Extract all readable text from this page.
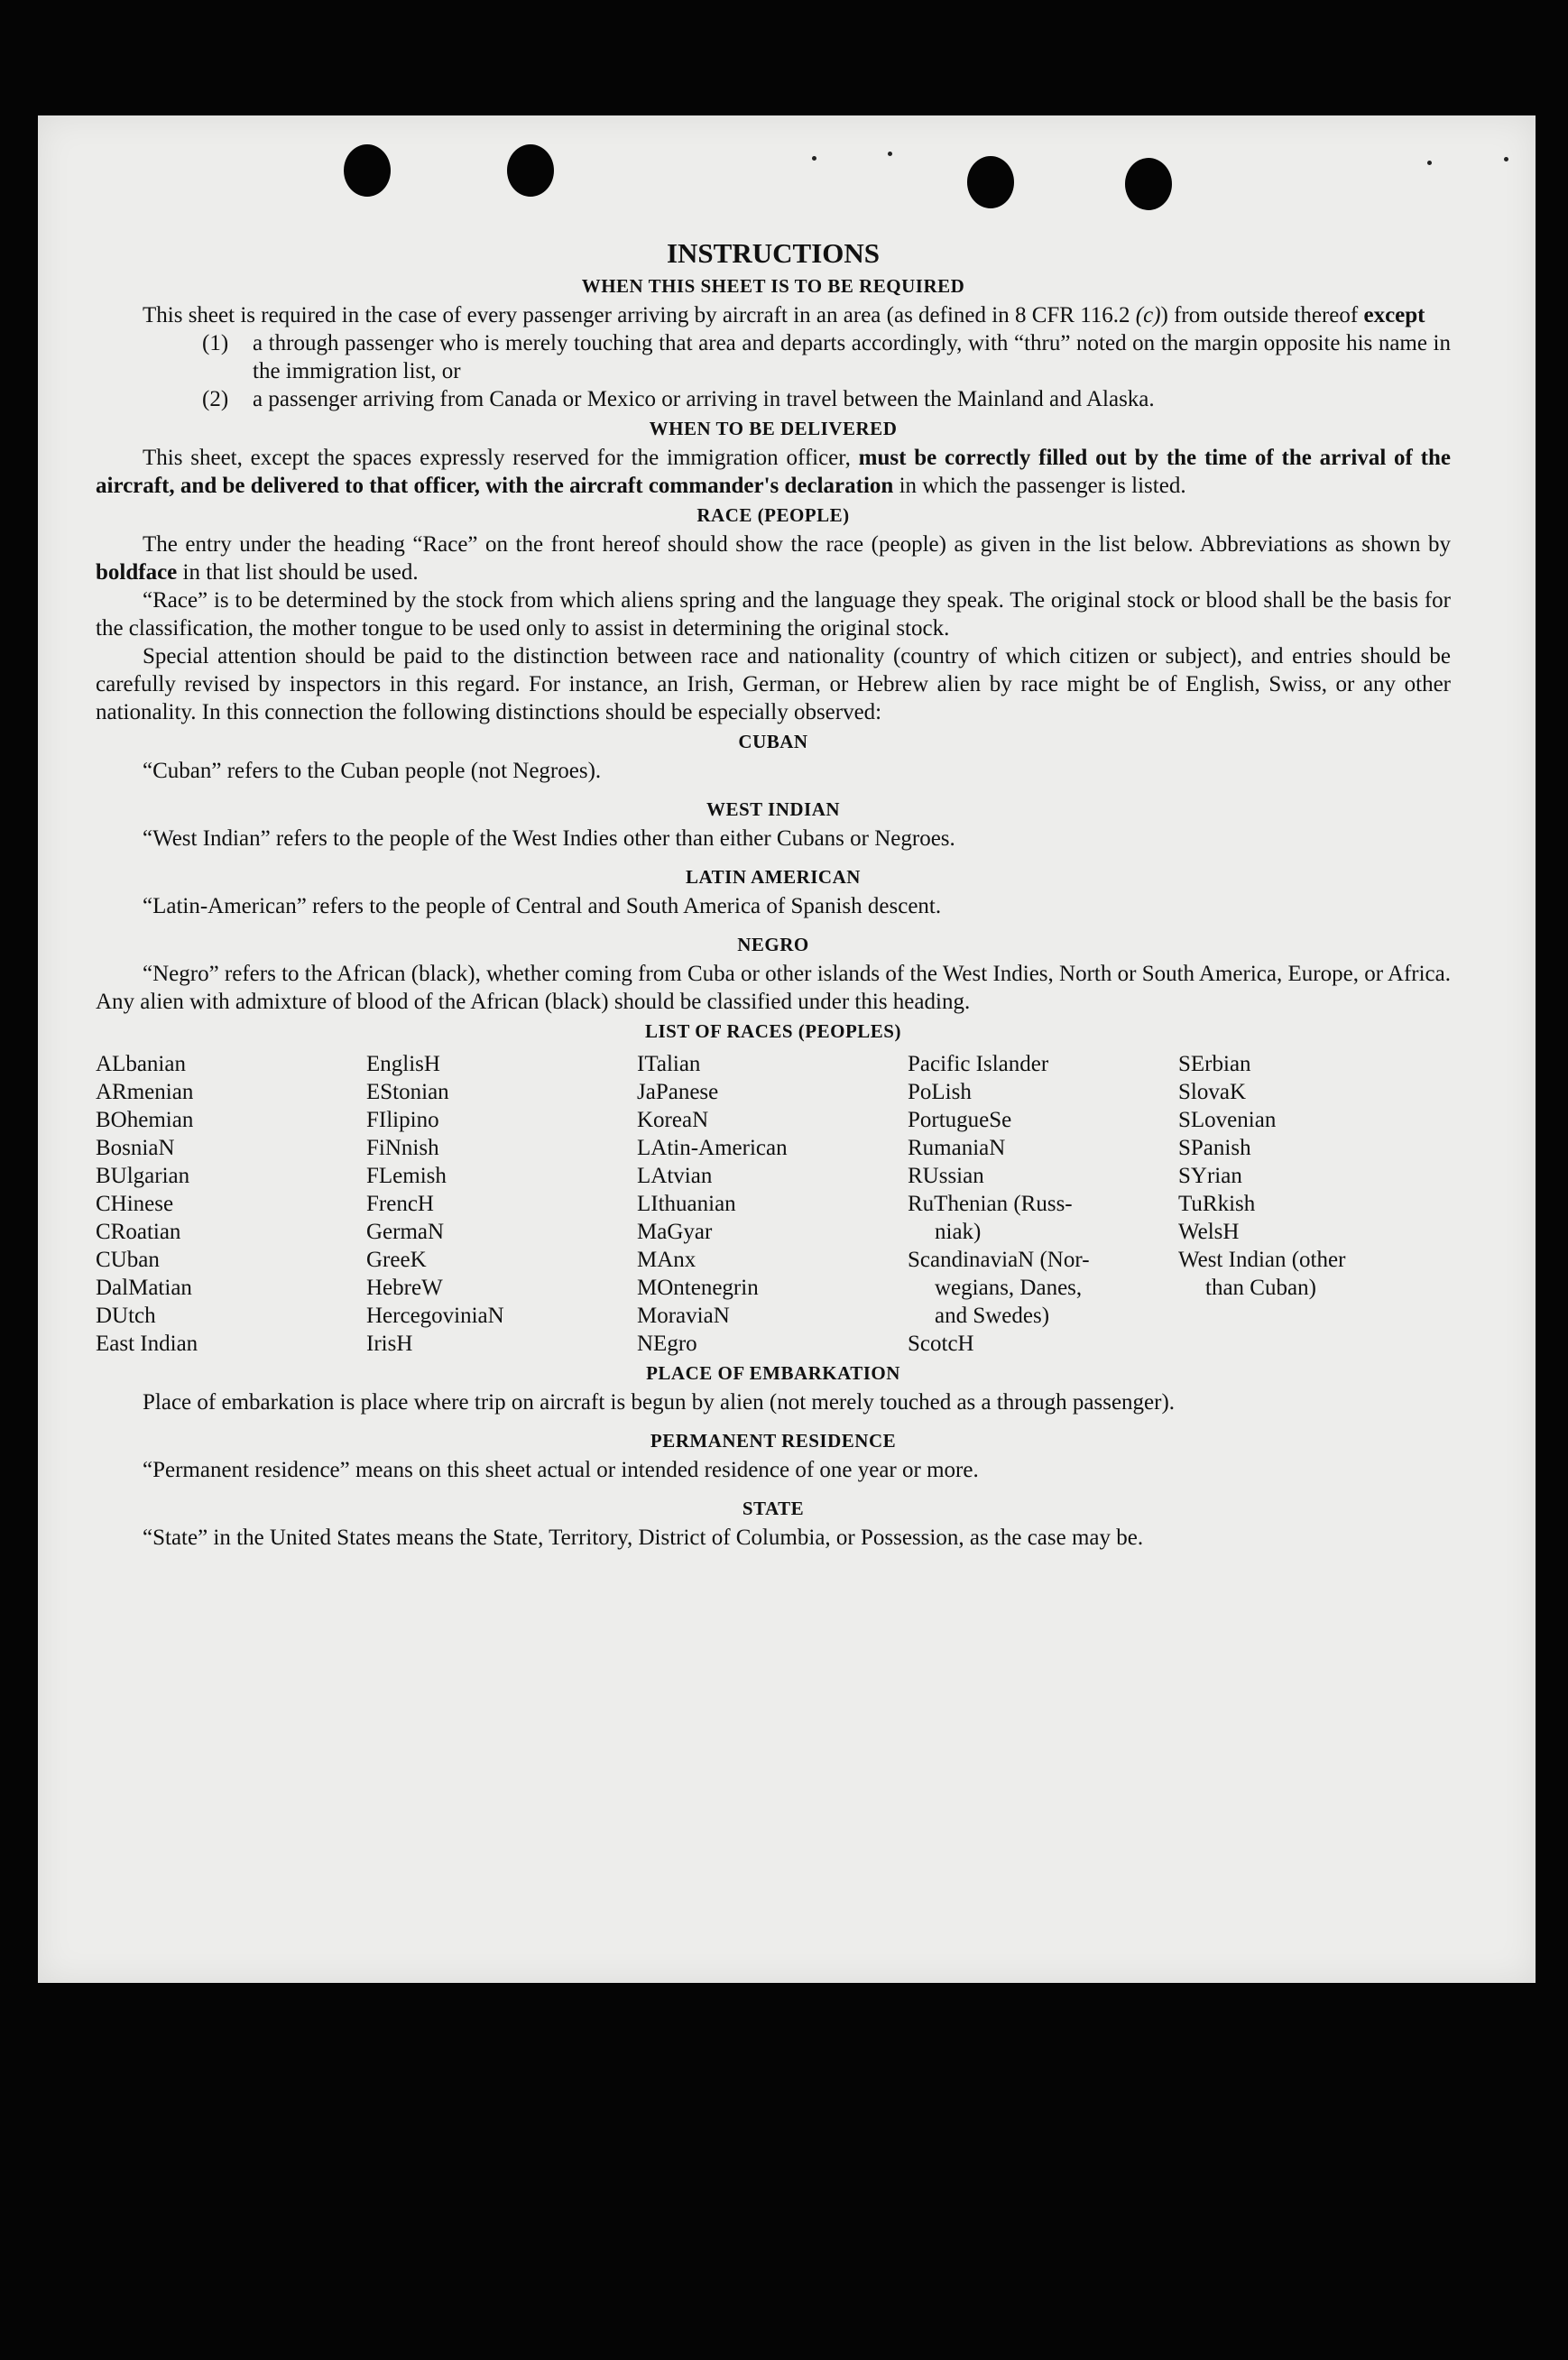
INSTRUCTIONS
WHEN THIS SHEET IS TO BE REQUIRED

This sheet is required in the case of every passenger arriving by aircraft in an area (as defined in 8 CFR 116.2 (c)) from outside thereof except

(1)	a through passenger who is merely touching that area and departs accordingly, with “thru” noted on the margin opposite his name in the immigration list, or
(2)	a passenger arriving from Canada or Mexico or arriving in travel between the Mainland and Alaska.
WHEN TO BE DELIVERED

This sheet, except the spaces expressly reserved for the immigration officer, must be correctly filled out by the time of the arrival of the aircraft, and be delivered to that officer, with the aircraft commander's declaration in which the passenger is listed.

RACE (PEOPLE)

The entry under the heading “Race” on the front hereof should show the race (people) as given in the list below. Abbreviations as shown by boldface in that list should be used.

“Race” is to be determined by the stock from which aliens spring and the language they speak. The original stock or blood shall be the basis for the classification, the mother tongue to be used only to assist in determining the original stock.

Special attention should be paid to the distinction between race and nationality (country of which citizen or subject), and entries should be carefully revised by inspectors in this regard. For instance, an Irish, German, or Hebrew alien by race might be of English, Swiss, or any other nationality. In this connection the following distinctions should be especially observed:

CUBAN

“Cuban” refers to the Cuban people (not Negroes).

WEST INDIAN

“West Indian” refers to the people of the West Indies other than either Cubans or Negroes.

LATIN AMERICAN

“Latin-American” refers to the people of Central and South America of Spanish descent.

NEGRO

“Negro” refers to the African (black), whether coming from Cuba or other islands of the West Indies, North or South America, Europe, or Africa. Any alien with admixture of blood of the African (black) should be classified under this heading.

LIST OF RACES (PEOPLES)
ALbanian
ARmenian
BOhemian
BosniaN
BUlgarian
CHinese
CRoatian
CUban
DalMatian
DUtch
East Indian
EnglisH
EStonian
FIlipino
FiNnish
FLemish
FrencH
GermaN
GreeK
HebreW
HercegoviniaN
IrisH
ITalian
JaPanese
KoreaN
LAtin-American
LAtvian
LIthuanian
MaGyar
MAnx
MOntenegrin
MoraviaN
NEgro
Pacific Islander
PoLish
PortugueSe
RumaniaN
RUssian
RuThenian (Russ-
niak)
ScandinaviaN (Nor-
wegians, Danes,
and Swedes)
ScotcH
SErbian
SlovaK
SLovenian
SPanish
SYrian
TuRkish
WelsH
West Indian (other
than Cuban)
PLACE OF EMBARKATION

Place of embarkation is place where trip on aircraft is begun by alien (not merely touched as a through passenger).

PERMANENT RESIDENCE

“Permanent residence” means on this sheet actual or intended residence of one year or more.

STATE

“State” in the United States means the State, Territory, District of Columbia, or Possession, as the case may be.
